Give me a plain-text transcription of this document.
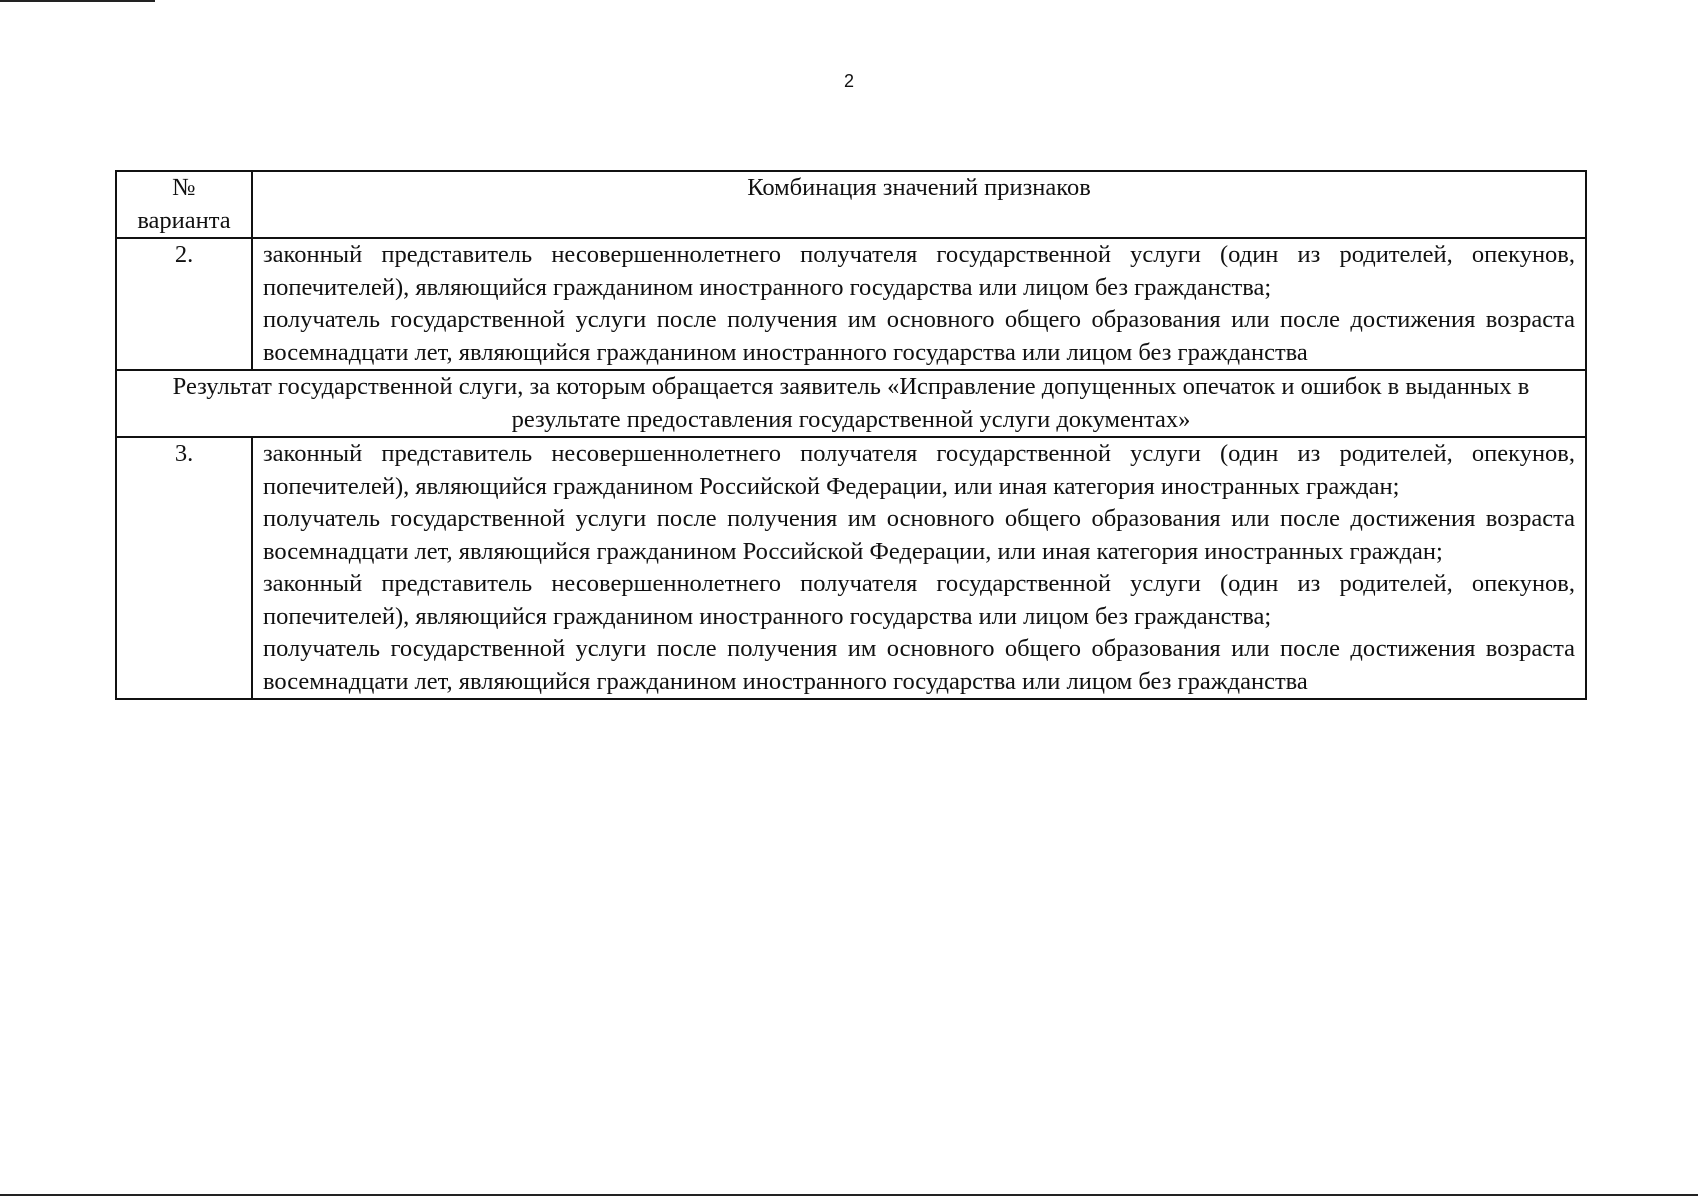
2
№
варианта	Комбинация значений признаков

2.	законный представитель несовершеннолетнего получателя государственной услуги (один из родителей, опекунов, попечителей), являющийся гражданином иностранного государства или лицом без гражданства;
получатель государственной услуги после получения им основного общего образования или после достижения возраста восемнадцати лет, являющийся гражданином иностранного государства или лицом без гражданства

Результат государственной слуги, за которым обращается заявитель «Исправление допущенных опечаток и ошибок в выданных в результате предоставления государственной услуги документах»	
3.	законный представитель несовершеннолетнего получателя государственной услуги (один из родителей, опекунов, попечителей), являющийся гражданином Российской Федерации, или иная категория иностранных граждан;
получатель государственной услуги после получения им основного общего образования или после достижения возраста восемнадцати лет, являющийся гражданином Российской Федерации, или иная категория иностранных граждан;
законный представитель несовершеннолетнего получателя государственной услуги (один из родителей, опекунов, попечителей), являющийся гражданином иностранного государства или лицом без гражданства;
получатель государственной услуги после получения им основного общего образования или после достижения возраста восемнадцати лет, являющийся гражданином иностранного государства или лицом без гражданства
